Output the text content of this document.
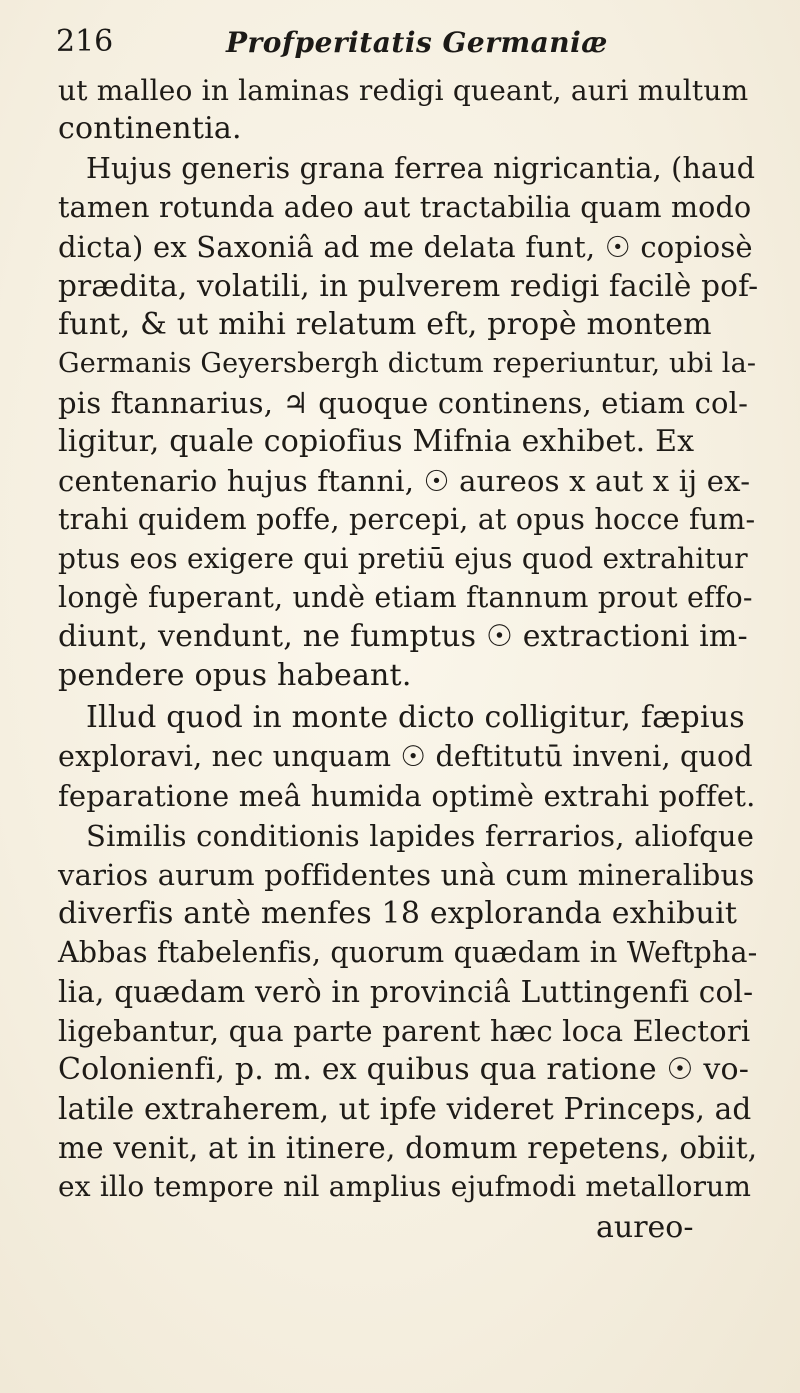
216	Profperitatis Germaniæ
ut malleo in laminas redigi queant, auri multum
continentia.
Hujus generis grana ferrea nigricantia, (haud
tamen rotunda adeo aut tractabilia quam modo
dicta) ex Saxoniâ ad me delata funt, ☉ copiosè
prædita, volatili, in pulverem redigi facilè pof-
funt, & ut mihi relatum eft, propè montem
Germanis Geyersbergh dictum reperiuntur, ubi la-
pis ftannarius, ♃ quoque continens, etiam col-
ligitur, quale copiofius Mifnia exhibet. Ex
centenario hujus ftanni, ☉ aureos x aut x ij ex-
trahi quidem poffe, percepi, at opus hocce fum-
ptus eos exigere qui pretiū ejus quod extrahitur
longè fuperant, undè etiam ftannum prout effo-
diunt, vendunt, ne fumptus ☉ extractioni im-
pendere opus habeant.
Illud quod in monte dicto colligitur, fæpius
exploravi, nec unquam ☉ deftitutū inveni, quod
feparatione meâ humida optimè extrahi poffet.
Similis conditionis lapides ferrarios, aliofque
varios aurum poffidentes unà cum mineralibus
diverfis antè menfes 18 exploranda exhibuit
Abbas ftabelenfis, quorum quædam in Weftpha-
lia, quædam verò in provinciâ Luttingenfi col-
ligebantur, qua parte parent hæc loca Electori
Colonienfi, p. m. ex quibus qua ratione ☉ vo-
latile extraherem, ut ipfe videret Princeps, ad
me venit, at in itinere, domum repetens, obiit,
ex illo tempore nil amplius ejufmodi metallorum
aureo-
